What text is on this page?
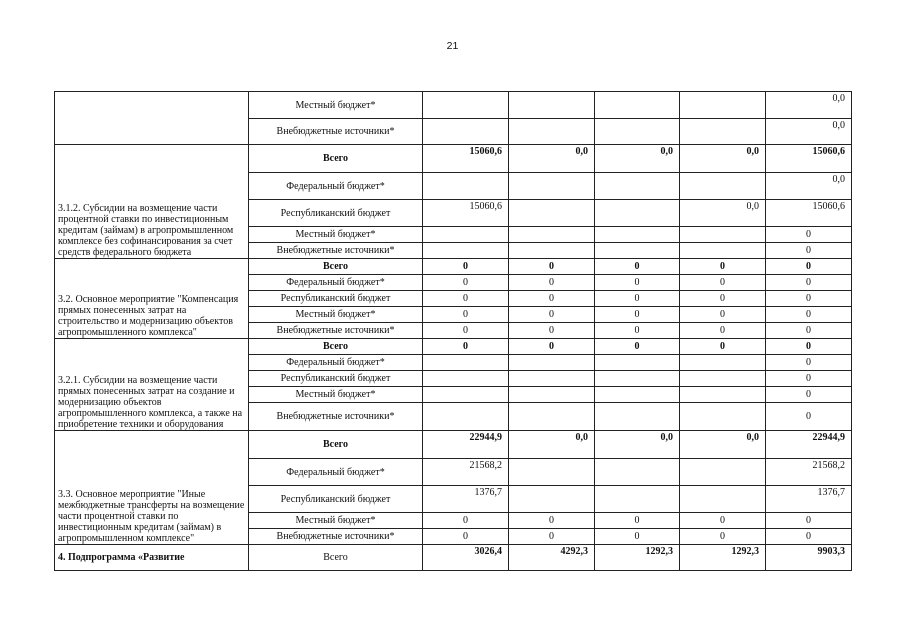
21
	Местный бюджет*					0,0
	Внебюджетные источники*					0,0
3.1.2. Субсидии на возмещение части процентной ставки по инвестиционным кредитам (займам) в агропромышленном комплексе без софинансирования за счет средств федерального бюджета	Всего	15060,6	0,0	0,0	0,0	15060,6
	Федеральный бюджет*					0,0
	Республиканский бюджет	15060,6			0,0	15060,6
	Местный бюджет*					0
	Внебюджетные источники*					0
3.2. Основное мероприятие "Компенсация прямых понесенных затрат на строительство и модернизацию объектов агропромышленного комплекса"	Всего	0	0	0	0	0
	Федеральный бюджет*	0	0	0	0	0
	Республиканский бюджет	0	0	0	0	0
	Местный бюджет*	0	0	0	0	0
	Внебюджетные источники*	0	0	0	0	0
3.2.1. Субсидии на возмещение части прямых понесенных затрат на создание и модернизацию объектов агропромышленного комплекса, а также на приобретение техники и оборудования	Всего	0	0	0	0	0
	Федеральный бюджет*					0
	Республиканский бюджет					0
	Местный бюджет*					0
	Внебюджетные источники*					0
3.3. Основное мероприятие "Иные межбюджетные трансферты на возмещение части процентной ставки по инвестиционным кредитам (займам) в агропромышленном комплексе"	Всего	22944,9	0,0	0,0	0,0	22944,9
	Федеральный бюджет*	21568,2				21568,2
	Республиканский бюджет	1376,7				1376,7
	Местный бюджет*	0	0	0	0	0
	Внебюджетные источники*	0	0	0	0	0
4. Подпрограмма «Развитие	Всего	3026,4	4292,3	1292,3	1292,3	9903,3
